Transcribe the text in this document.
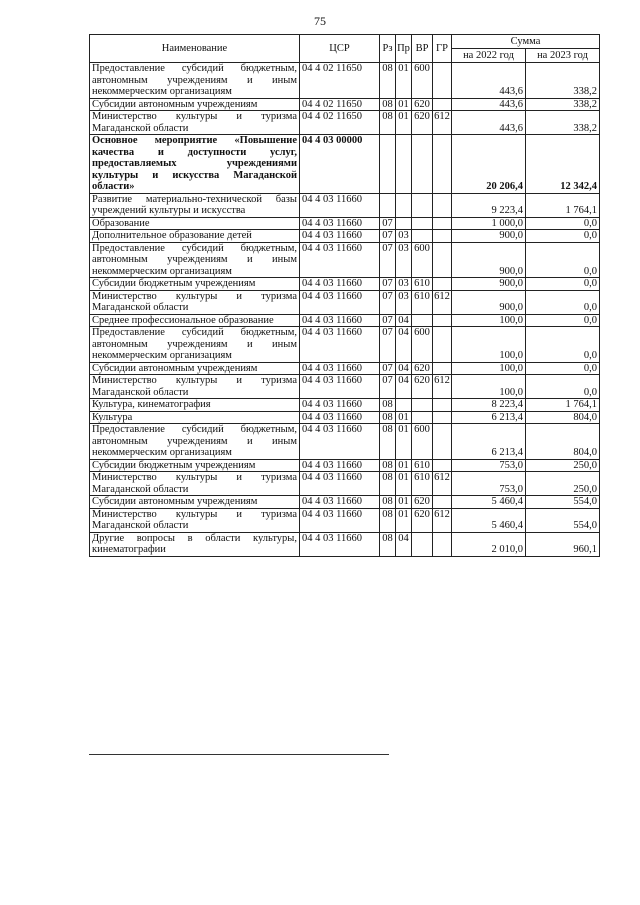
75
Наименование	ЦСР	Рз	Пр	ВР	ГР	Сумма	
						на 2022 год	на 2023 год
Предоставление субсидий бюджетным, автономным учреждениям и иным некоммерческим организациям	04 4 02 11650	08	01	600		443,6	338,2
Субсидии автономным учреждениям	04 4 02 11650	08	01	620		443,6	338,2
Министерство культуры и туризма Магаданской области	04 4 02 11650	08	01	620	612	443,6	338,2
Основное мероприятие «Повышение качества и доступности услуг, предоставляемых учреждениями культуры и искусства Магаданской области»	04 4 03 00000					20 206,4	12 342,4
Развитие материально-технической базы учреждений культуры и искусства	04 4 03 11660					9 223,4	1 764,1
Образование	04 4 03 11660	07				1 000,0	0,0
Дополнительное образование детей	04 4 03 11660	07	03			900,0	0,0
Предоставление субсидий бюджетным, автономным учреждениям и иным некоммерческим организациям	04 4 03 11660	07	03	600		900,0	0,0
Субсидии бюджетным учреждениям	04 4 03 11660	07	03	610		900,0	0,0
Министерство культуры и туризма Магаданской области	04 4 03 11660	07	03	610	612	900,0	0,0
Среднее профессиональное образование	04 4 03 11660	07	04			100,0	0,0
Предоставление субсидий бюджетным, автономным учреждениям и иным некоммерческим организациям	04 4 03 11660	07	04	600		100,0	0,0
Субсидии автономным учреждениям	04 4 03 11660	07	04	620		100,0	0,0
Министерство культуры и туризма Магаданской области	04 4 03 11660	07	04	620	612	100,0	0,0
Культура, кинематография	04 4 03 11660	08				8 223,4	1 764,1
Культура	04 4 03 11660	08	01			6 213,4	804,0
Предоставление субсидий бюджетным, автономным учреждениям и иным некоммерческим организациям	04 4 03 11660	08	01	600		6 213,4	804,0
Субсидии бюджетным учреждениям	04 4 03 11660	08	01	610		753,0	250,0
Министерство культуры и туризма Магаданской области	04 4 03 11660	08	01	610	612	753,0	250,0
Субсидии автономным учреждениям	04 4 03 11660	08	01	620		5 460,4	554,0
Министерство культуры и туризма Магаданской области	04 4 03 11660	08	01	620	612	5 460,4	554,0
Другие вопросы в области культуры, кинематографии	04 4 03 11660	08	04			2 010,0	960,1
